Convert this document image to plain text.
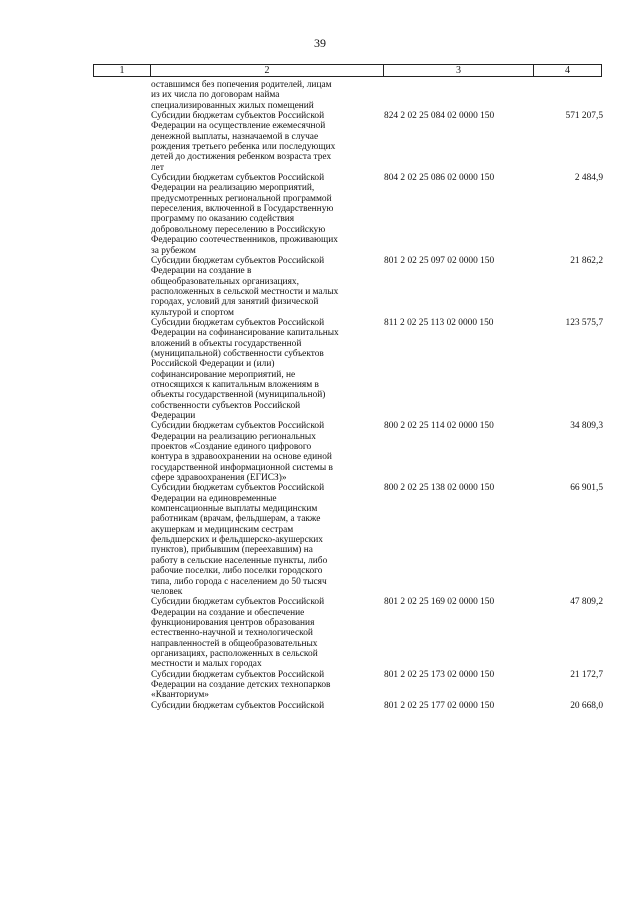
39
1	2	3	4
оставшимся без попечения родителей, лицам
из их числа по договорам найма
специализированных жилых помещений
Субсидии бюджетам субъектов Российской
Федерации на осуществление ежемесячной
денежной выплаты, назначаемой в случае
рождения третьего ребенка или последующих
детей до достижения ребенком возраста трех
лет
824 2 02 25 084 02 0000 150	571 207,5
Субсидии бюджетам субъектов Российской
Федерации на реализацию мероприятий,
предусмотренных региональной программой
переселения, включенной в Государственную
программу по оказанию содействия
добровольному переселению в Российскую
Федерацию соотечественников, проживающих
за рубежом
804 2 02 25 086 02 0000 150	2 484,9
Субсидии бюджетам субъектов Российской
Федерации на создание в
общеобразовательных организациях,
расположенных в сельской местности и малых
городах, условий для занятий физической
культурой и спортом
801 2 02 25 097 02 0000 150	21 862,2
Субсидии бюджетам субъектов Российской
Федерации на софинансирование капитальных
вложений в объекты государственной
(муниципальной) собственности субъектов
Российской Федерации и (или)
софинансирование мероприятий, не
относящихся к капитальным вложениям в
объекты государственной (муниципальной)
собственности субъектов Российской
Федерации
811 2 02 25 113 02 0000 150	123 575,7
Субсидии бюджетам субъектов Российской
Федерации на реализацию региональных
проектов «Создание единого цифрового
контура в здравоохранении на основе единой
государственной информационной системы в
сфере здравоохранения (ЕГИСЗ)»
800 2 02 25 114 02 0000 150	34 809,3
Субсидии бюджетам субъектов Российской
Федерации на единовременные
компенсационные выплаты медицинским
работникам (врачам, фельдшерам, а также
акушеркам и медицинским сестрам
фельдшерских и фельдшерско-акушерских
пунктов), прибывшим (переехавшим) на
работу в сельские населенные пункты, либо
рабочие поселки, либо поселки городского
типа, либо города с населением до 50 тысяч
человек
800 2 02 25 138 02 0000 150	66 901,5
Субсидии бюджетам субъектов Российской
Федерации на создание и обеспечение
функционирования центров образования
естественно-научной и технологической
направленностей в общеобразовательных
организациях, расположенных в сельской
местности и малых городах
801 2 02 25 169 02 0000 150	47 809,2
Субсидии бюджетам субъектов Российской
Федерации на создание детских технопарков
«Кванториум»
801 2 02 25 173 02 0000 150	21 172,7
Субсидии бюджетам субъектов Российской	801 2 02 25 177 02 0000 150	20 668,0
